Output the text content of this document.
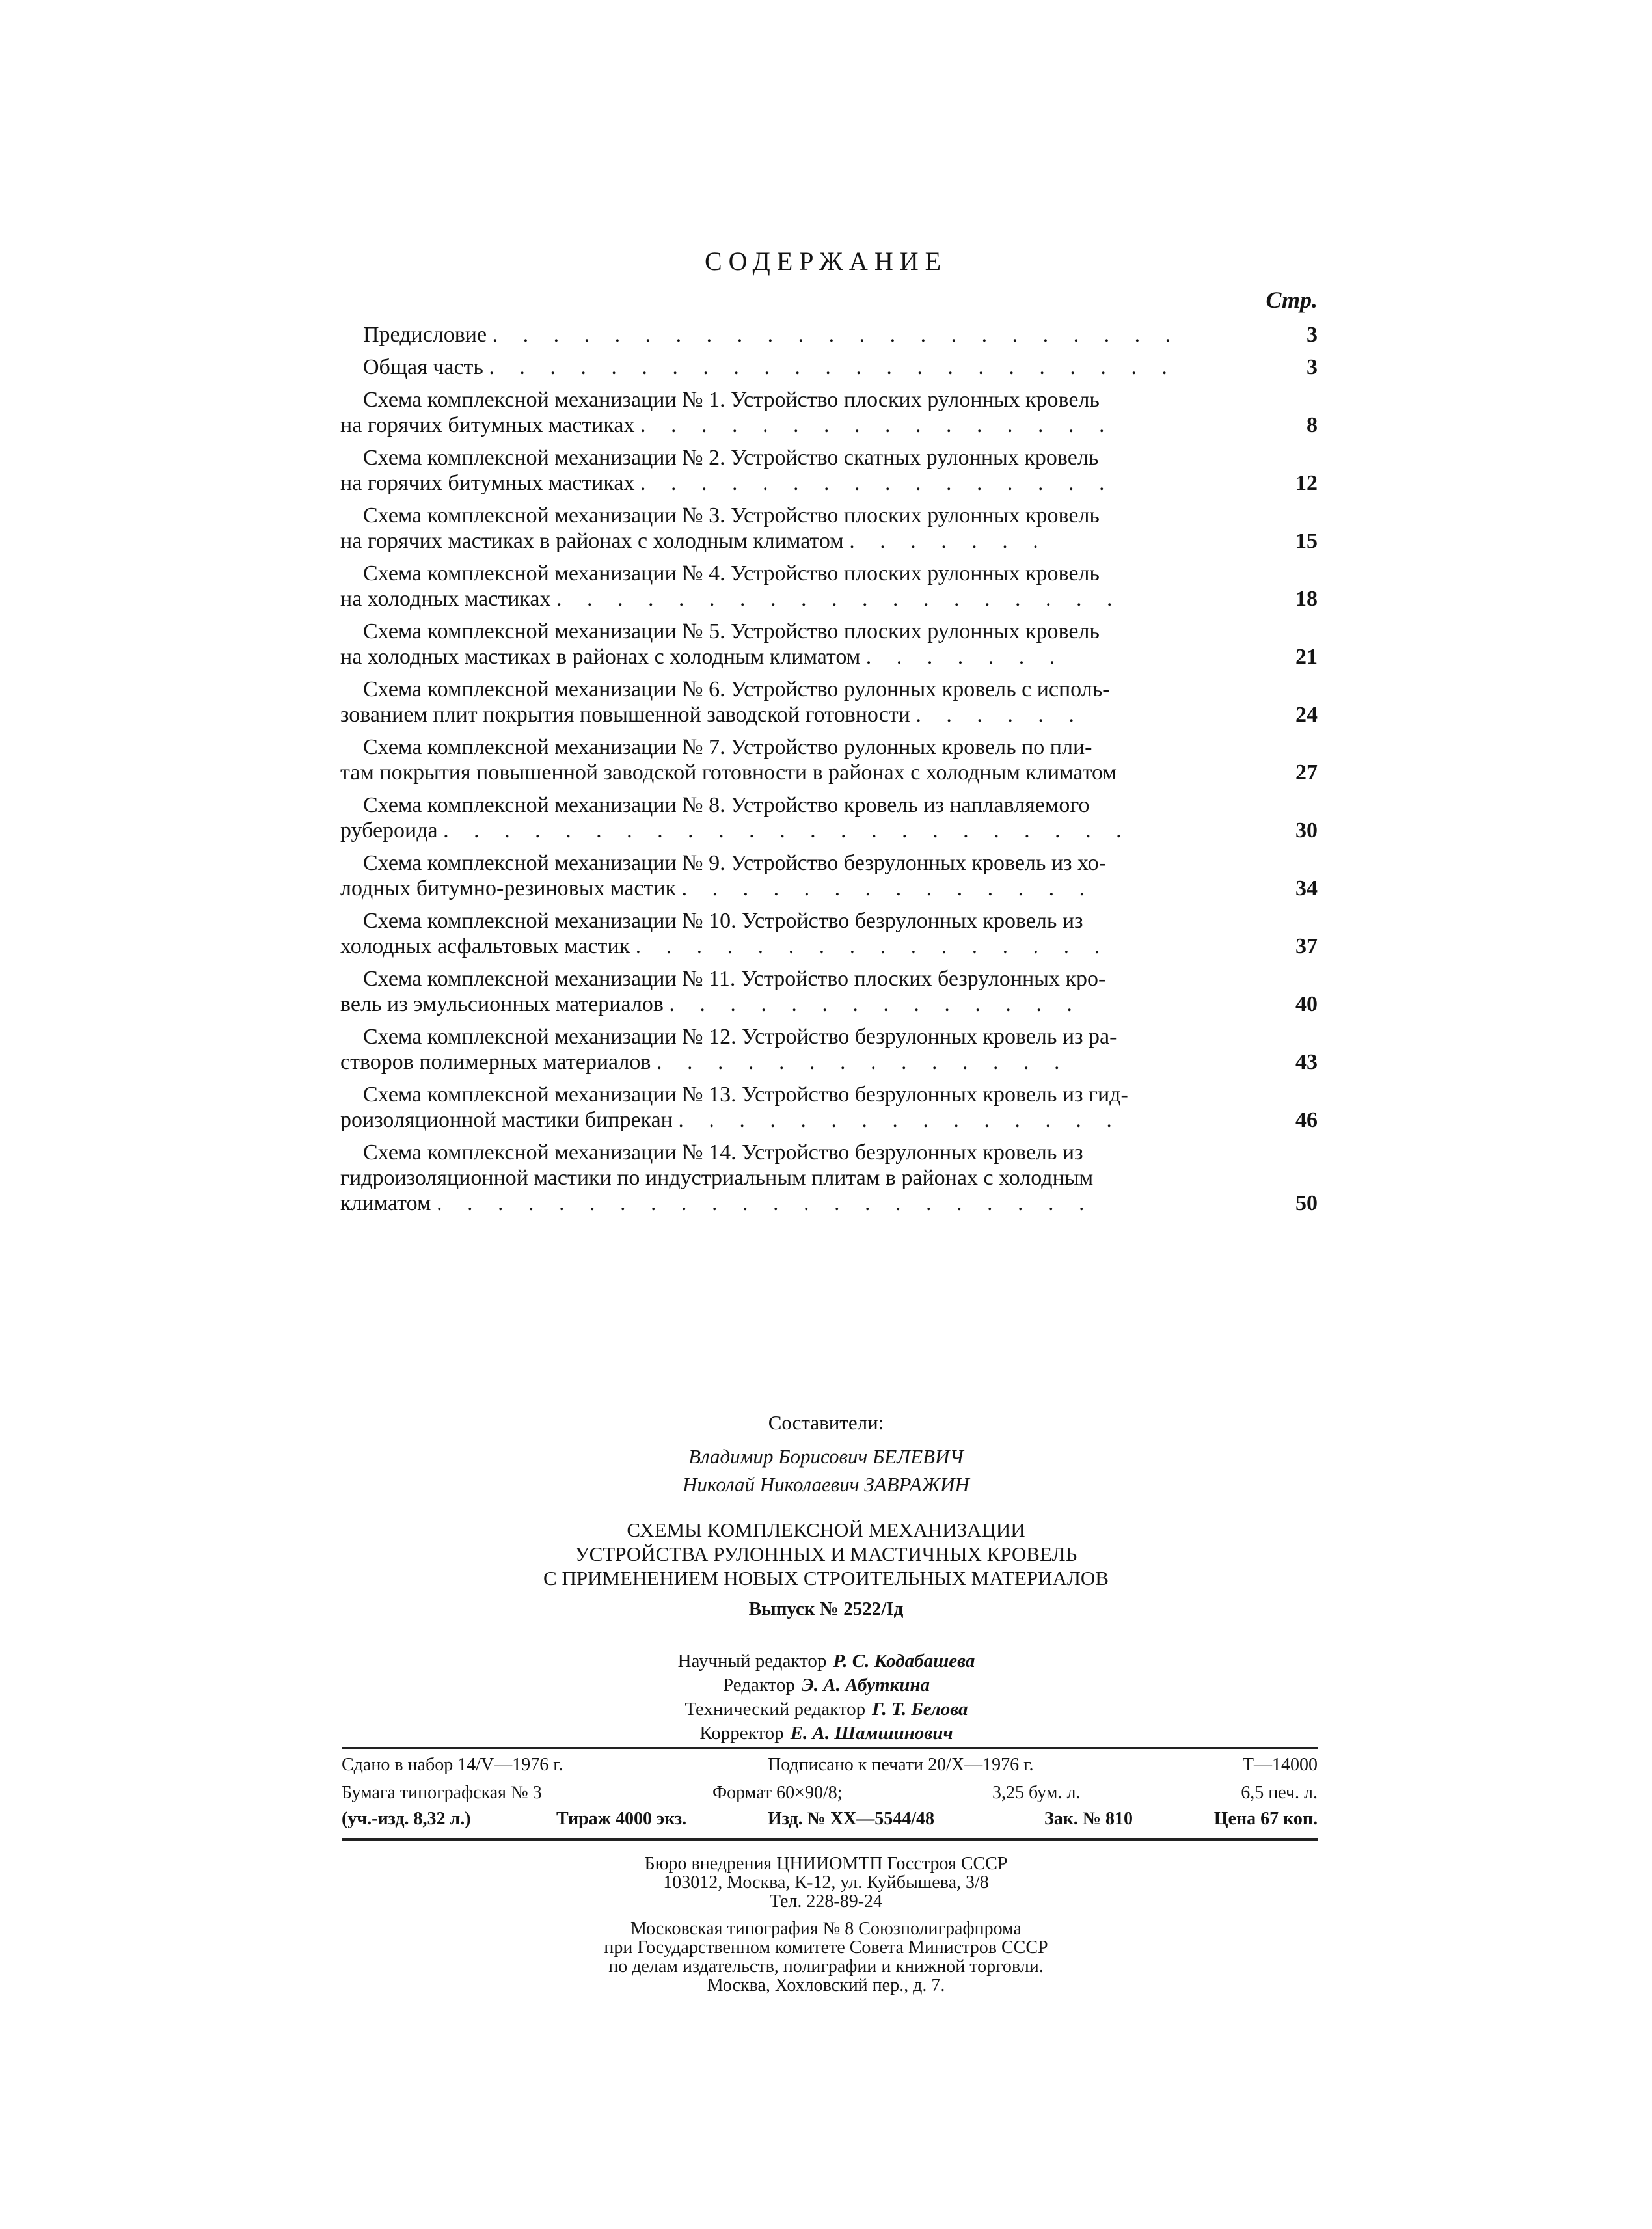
СОДЕРЖАНИЕ
Стр.
Предисловие . . . . . . . . . . . . . . . . . . . . . . .	3
Общая часть . . . . . . . . . . . . . . . . . . . . . . .	3
Схема комплексной механизации № 1. Устройство плоских рулонных кровель
на горячих битумных мастиках . . . . . . . . . . . . . . . .	8
Схема комплексной механизации № 2. Устройство скатных рулонных кровель
на горячих битумных мастиках . . . . . . . . . . . . . . . .	12
Схема комплексной механизации № 3. Устройство плоских рулонных кровель
на горячих мастиках в районах с холодным климатом . . . . . . .	15
Схема комплексной механизации № 4. Устройство плоских рулонных кровель
на холодных мастиках . . . . . . . . . . . . . . . . . . .	18
Схема комплексной механизации № 5. Устройство плоских рулонных кровель
на холодных мастиках в районах с холодным климатом . . . . . . .	21
Схема комплексной механизации № 6. Устройство рулонных кровель с исполь-
зованием плит покрытия повышенной заводской готовности . . . . . .	24
Схема комплексной механизации № 7. Устройство рулонных кровель по пли-
там покрытия повышенной заводской готовности в районах с холодным климатом	27
Схема комплексной механизации № 8. Устройство кровель из наплавляемого
рубероида . . . . . . . . . . . . . . . . . . . . . . .	30
Схема комплексной механизации № 9. Устройство безрулонных кровель из хо-
лодных битумно-резиновых мастик . . . . . . . . . . . . . .	34
Схема комплексной механизации № 10. Устройство безрулонных кровель из
холодных асфальтовых мастик . . . . . . . . . . . . . . . .	37
Схема комплексной механизации № 11. Устройство плоских безрулонных кро-
вель из эмульсионных материалов . . . . . . . . . . . . . .	40
Схема комплексной механизации № 12. Устройство безрулонных кровель из ра-
створов полимерных материалов . . . . . . . . . . . . . .	43
Схема комплексной механизации № 13. Устройство безрулонных кровель из гид-
роизоляционной мастики бипрекан . . . . . . . . . . . . . . .	46
Схема комплексной механизации № 14. Устройство безрулонных кровель из
гидроизоляционной мастики по индустриальным плитам в районах с холодным
климатом . . . . . . . . . . . . . . . . . . . . . .	50
Составители:
Владимир Борисович БЕЛЕВИЧ
Николай Николаевич ЗАВРАЖИН
СХЕМЫ КОМПЛЕКСНОЙ МЕХАНИЗАЦИИ
УСТРОЙСТВА РУЛОННЫХ И МАСТИЧНЫХ КРОВЕЛЬ
С ПРИМЕНЕНИЕМ НОВЫХ СТРОИТЕЛЬНЫХ МАТЕРИАЛОВ
Выпуск № 2522/Iд
Научный редактор Р. С. Кодабашева
Редактор Э. А. Абуткина
Технический редактор Г. Т. Белова
Корректор Е. А. Шамшинович
Сдано в набор 14/V—1976 г.	Подписано к печати 20/X—1976 г.	Т—14000
Бумага типографская № 3	Формат 60×90/8;	3,25 бум. л.	6,5 печ. л.
(уч.-изд. 8,32 л.)	Тираж 4000 экз.	Изд. № ХХ—5544/48	Зак. № 810	Цена 67 коп.
Бюро внедрения ЦНИИОМТП Госстроя СССР
103012, Москва, К-12, ул. Куйбышева, 3/8
Тел. 228-89-24
Московская типография № 8 Союзполиграфпрома
при Государственном комитете Совета Министров СССР
по делам издательств, полиграфии и книжной торговли.
Москва, Хохловский пер., д. 7.
